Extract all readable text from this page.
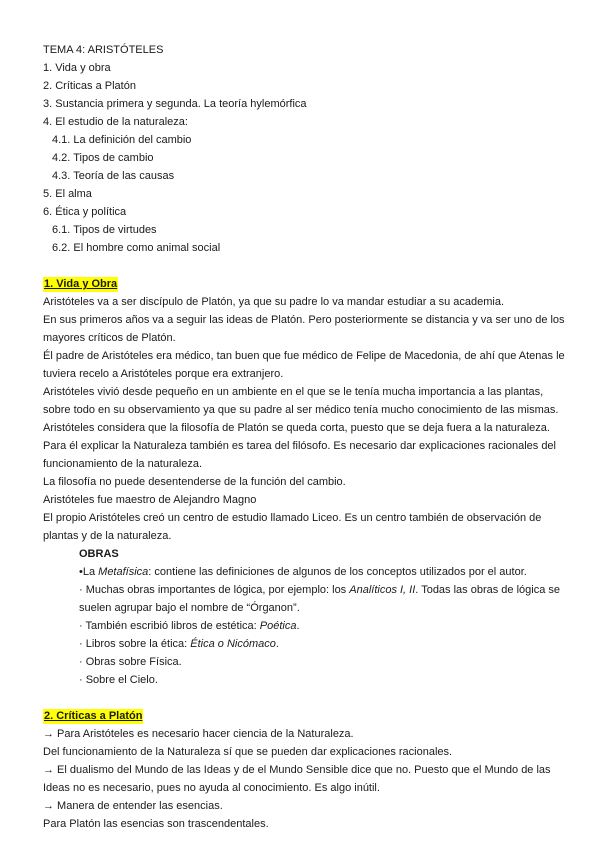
TEMA 4: ARISTÓTELES
1. Vida y obra
2. Críticas a Platón
3. Sustancia primera y segunda. La teoría hylemórfica
4. El estudio de la naturaleza:
4.1. La definición del cambio
4.2. Tipos de cambio
4.3. Teoría de las causas
5. El alma
6. Ética y política
6.1. Tipos de virtudes
6.2. El hombre como animal social
1. Vida y Obra
Aristóteles va a ser discípulo de Platón, ya que su padre lo va mandar estudiar a su academia.
En sus primeros años va a seguir las ideas de Platón. Pero posteriormente se distancia y va ser uno de los mayores críticos de Platón.
Él padre de Aristóteles era médico, tan buen que fue médico de Felipe de Macedonia, de ahí que Atenas le tuviera recelo a Aristóteles porque era extranjero.
Aristóteles vivió desde pequeño en un ambiente en el que se le tenía mucha importancia a las plantas, sobre todo en su observamiento ya que su padre al ser médico tenía mucho conocimiento de las mismas.
Aristóteles considera que la filosofía de Platón se queda corta, puesto que se deja fuera a la naturaleza.
Para él explicar la Naturaleza también es tarea del filósofo. Es necesario dar explicaciones racionales del funcionamiento de la naturaleza.
La filosofía no puede desentenderse de la función del cambio.
Aristóteles fue maestro de Alejandro Magno
El propio Aristóteles creó un centro de estudio llamado Liceo. Es un centro también de observación de plantas y de la naturaleza.
OBRAS
•La Metafísica: contiene las definiciones de algunos de los conceptos utilizados por el autor.
· Muchas obras importantes de lógica, por ejemplo: los Analíticos I, II. Todas las obras de lógica se suelen agrupar bajo el nombre de “Órganon”.
· También escribió libros de estética: Poética.
· Libros sobre la ética: Ética o Nicómaco.
· Obras sobre Física.
· Sobre el Cielo.
2. Críticas a Platón
→ Para Aristóteles es necesario hacer ciencia de la Naturaleza.
Del funcionamiento de la Naturaleza sí que se pueden dar explicaciones racionales.
→ El dualismo del Mundo de las Ideas y de el Mundo Sensible dice que no. Puesto que el Mundo de las Ideas no es necesario, pues no ayuda al conocimiento. Es algo inútil.
→ Manera de entender las esencias.
Para Platón las esencias son trascendentales.
